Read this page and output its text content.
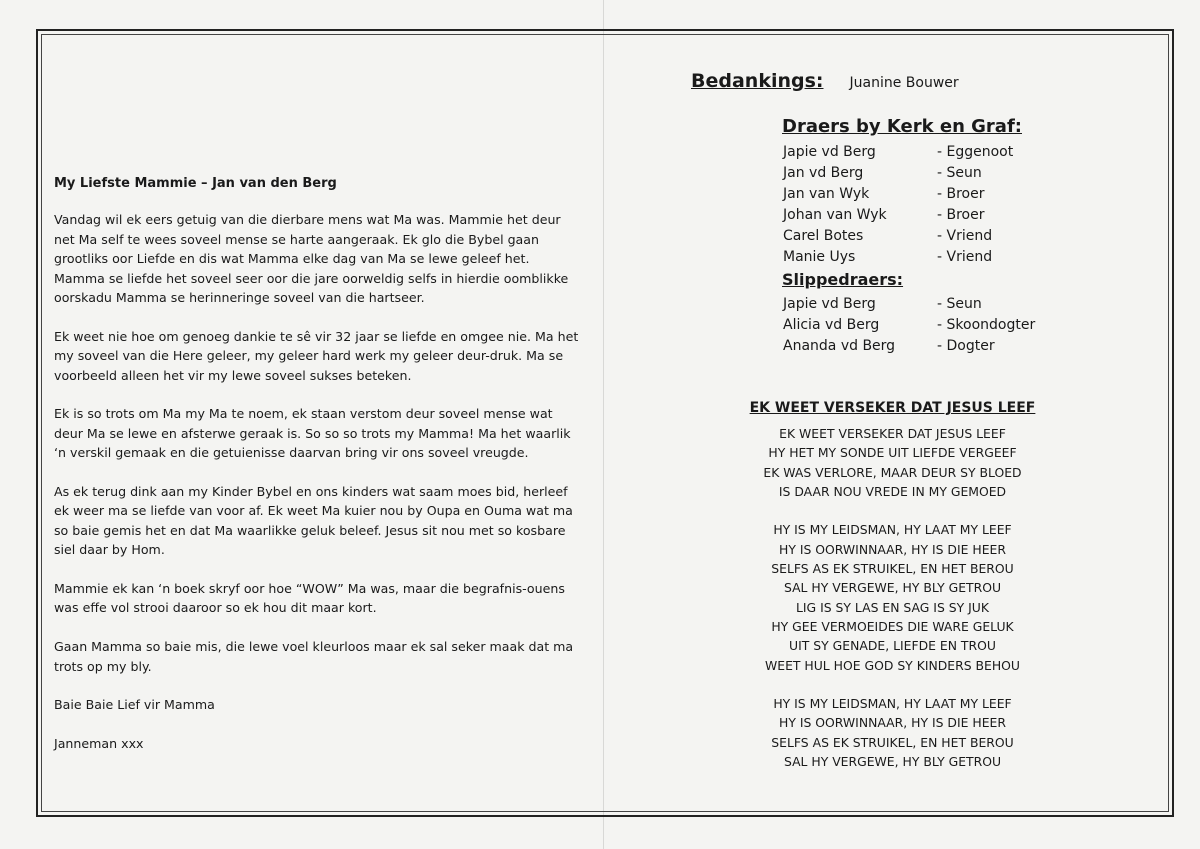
My Liefste Mammie – Jan van den Berg

Vandag wil ek eers getuig van die dierbare mens wat Ma was. Mammie het deur
net Ma self te wees soveel mense se harte aangeraak. Ek glo die Bybel gaan
grootliks oor Liefde en dis wat Mamma elke dag van Ma se lewe geleef het.
Mamma se liefde het soveel seer oor die jare oorweldig selfs in hierdie oomblikke
oorskadu Mamma se herinneringe soveel van die hartseer.

Ek weet nie hoe om genoeg dankie te sê vir 32 jaar se liefde en omgee nie. Ma het
my soveel van die Here geleer, my geleer hard werk my geleer deur-druk. Ma se
voorbeeld alleen het vir my lewe soveel sukses beteken.

Ek is so trots om Ma my Ma te noem, ek staan verstom deur soveel mense wat
deur Ma se lewe en afsterwe geraak is. So so so trots my Mamma! Ma het waarlik
‘n verskil gemaak en die getuienisse daarvan bring vir ons soveel vreugde.

As ek terug dink aan my Kinder Bybel en ons kinders wat saam moes bid, herleef
ek weer ma se liefde van voor af. Ek weet Ma kuier nou by Oupa en Ouma wat ma
so baie gemis het en dat Ma waarlikke geluk beleef. Jesus sit nou met so kosbare
siel daar by Hom.

Mammie ek kan ‘n boek skryf oor hoe “WOW” Ma was, maar die begrafnis-ouens
was effe vol strooi daaroor so ek hou dit maar kort.

Gaan Mamma so baie mis, die lewe voel kleurloos maar ek sal seker maak dat ma
trots op my bly.

Baie Baie Lief vir Mamma

Janneman xxx

Bedankings: Juanine Bouwer
Draers by Kerk en Graf:
Japie vd Berg	- Eggenoot
Jan vd Berg	- Seun
Jan van Wyk	- Broer
Johan van Wyk	- Broer
Carel Botes	- Vriend
Manie Uys	- Vriend
Slippedraers:
Japie vd Berg	- Seun
Alicia vd Berg	- Skoondogter
Ananda vd Berg	- Dogter
EK WEET VERSEKER DAT JESUS LEEF
EK WEET VERSEKER DAT JESUS LEEF
HY HET MY SONDE UIT LIEFDE VERGEEF
EK WAS VERLORE, MAAR DEUR SY BLOED
IS DAAR NOU VREDE IN MY GEMOED
HY IS MY LEIDSMAN, HY LAAT MY LEEF
HY IS OORWINNAAR, HY IS DIE HEER
SELFS AS EK STRUIKEL, EN HET BEROU
SAL HY VERGEWE, HY BLY GETROU
LIG IS SY LAS EN SAG IS SY JUK
HY GEE VERMOEIDES DIE WARE GELUK
UIT SY GENADE, LIEFDE EN TROU
WEET HUL HOE GOD SY KINDERS BEHOU
HY IS MY LEIDSMAN, HY LAAT MY LEEF
HY IS OORWINNAAR, HY IS DIE HEER
SELFS AS EK STRUIKEL, EN HET BEROU
SAL HY VERGEWE, HY BLY GETROU
